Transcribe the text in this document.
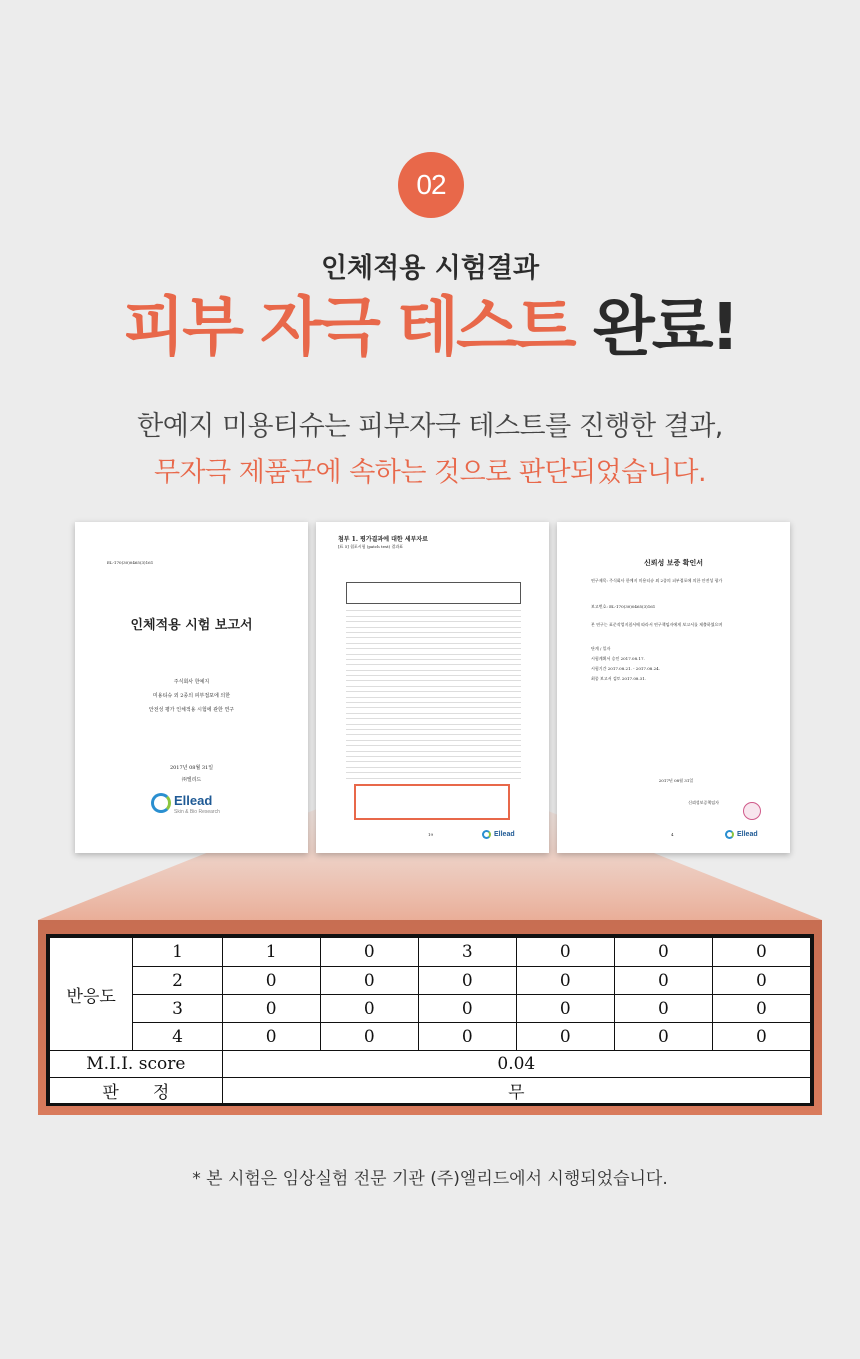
02
인체적용 시험결과
피부 자극 테스트 완료!
한예지 미용티슈는 피부자극 테스트를 진행한 결과,
무자극 제품군에 속하는 것으로 판단되었습니다.
EL-170(30)0465(3)161
인체적용 시험 보고서
주식회사 한예지
미용티슈 외 2종의 피부접포에 의한
안전성 평가 인체적용 시험에 관한 연구
2017년 08월 31일
㈜엘리드
Ellead
Skin & Bio Research
첨부 1. 평가결과에 대한 세부자료
[표 5] 첩포시험 (patch test) 결과표
19	Ellead
신뢰성 보증 확인서
연구제목: 주식회사 한예지 미용티슈 외 2종의 피부접포에 의한 안전성 평가
보고번호: EL-170(30)0465(3)161
본 연구는 표준작업지침서에 따라서 연구책임자에게 보고서를 제출하였으며
단계 / 일자
시험계획서 승인 2017.08.17.
시험기간 2017.08.21. - 2017.08.24.
최종 보고서 검토 2017.08.31.
2017년 08월 31일
신뢰성보증책임자
4	Ellead
반응도	1	1	0	3	0	0	0
	2	0	0	0	0	0	0
	3	0	0	0	0	0	0
	4	0	0	0	0	0	0
M.I.I. score		0.04					
판　　정		무					
* 본 시험은 임상실험 전문 기관 (주)엘리드에서 시행되었습니다.
